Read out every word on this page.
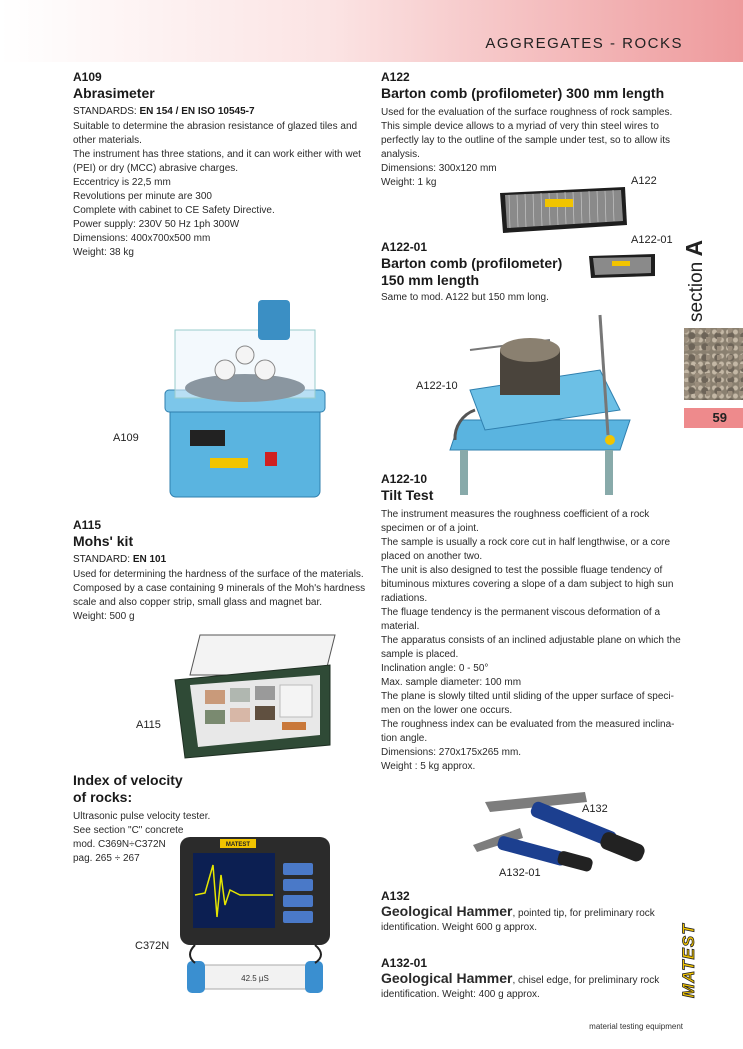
AGGREGATES - ROCKS
section A
59
MATEST
material testing equipment
A109
Abrasimeter
STANDARDS: EN 154 / EN ISO 10545-7

Suitable to determine the abrasion resistance of glazed tiles and

other materials.

The instrument has three stations, and it can work either with wet

(PEI) or dry (MCC) abrasive charges.

Eccentricy is 22,5 mm

Revolutions per minute are 300

Complete with cabinet to CE Safety Directive.

Power supply: 230V 50 Hz 1ph 300W

Dimensions: 400x700x500 mm

Weight: 38 kg

A109
A115
Mohs' kit
STANDARD: EN 101

Used for determining the hardness of the surface of the materials.

Composed by a case containing 9 minerals of the Moh's hardness

scale and also copper strip, small glass and magnet bar.

Weight: 500 g

A115
Index of velocity
of rocks:

Ultrasonic pulse velocity tester.

See section "C" concrete

mod. C369N÷C372N

pag. 265 ÷ 267

MATEST
42.5 µS
C372N
A122
Barton comb (profilometer) 300 mm length

Used for the evaluation of the surface roughness of rock samples.

This simple device allows to a myriad of very thin steel wires to

perfectly lay to the outline of the sample under test, so to allow its

analysis.

Dimensions: 300x120 mm

Weight: 1 kg	A122
A122-01
Barton comb (profilometer)
150 mm length

Same to mod. A122 but 150 mm long.

A122-01
A122-10
A122-10
Tilt Test

The instrument measures the roughness coefficient of a rock

specimen or of a joint.

The sample is usually a rock core cut in half lengthwise, or a core

placed on another two.

The unit is also designed to test the possible fluage tendency of

bituminous mixtures covering a slope of a dam subject to high sun

radiations.

The fluage tendency is the permanent viscous deformation of a

material.

The apparatus consists of an inclined adjustable plane on which the

sample is placed.

Inclination angle: 0 - 50°

Max. sample diameter: 100 mm

The plane is slowly tilted until sliding of the upper surface of speci-

men on the lower one occurs.

The roughness index can be evaluated from the measured inclina-

tion angle.

Dimensions: 270x175x265 mm.

Weight : 5 kg approx.

A132
A132-01
A132
Geological Hammer, pointed tip, for preliminary rock
identification. Weight 600 g approx.
A132-01
Geological Hammer, chisel edge, for preliminary rock
identification. Weight: 400 g approx.
